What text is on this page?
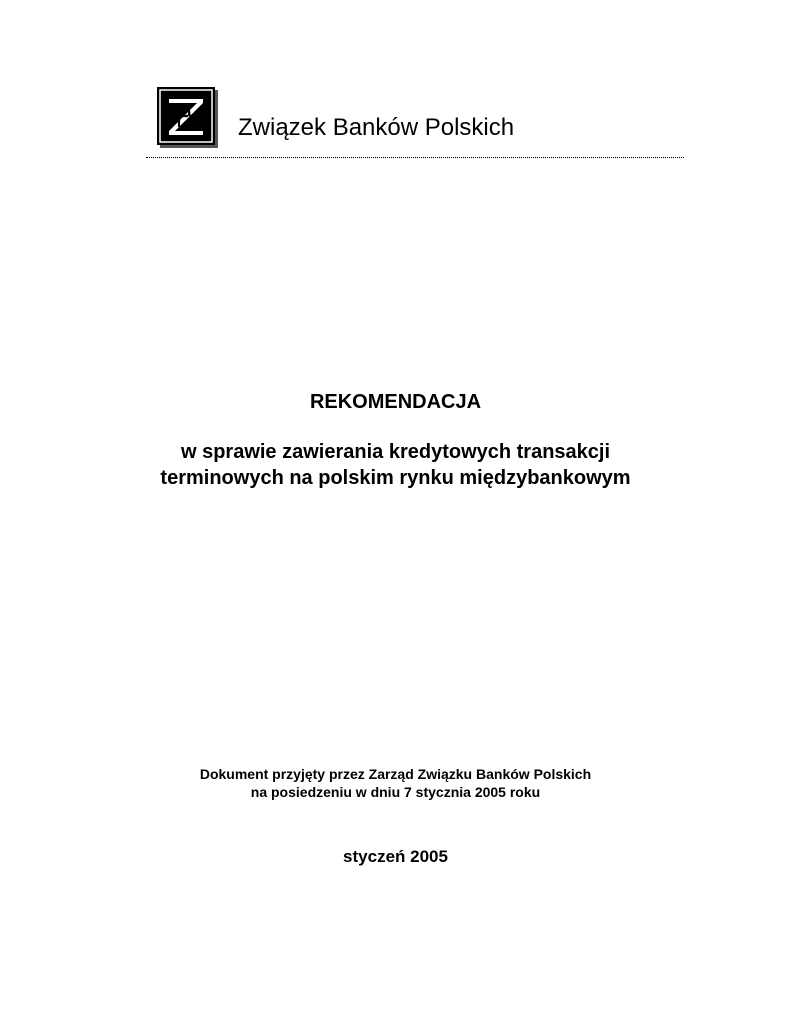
Związek Banków Polskich
REKOMENDACJA
w sprawie zawierania kredytowych transakcji
terminowych na polskim rynku międzybankowym
Dokument przyjęty przez Zarząd Związku Banków Polskich
na posiedzeniu w dniu 7 stycznia 2005 roku
styczeń 2005
